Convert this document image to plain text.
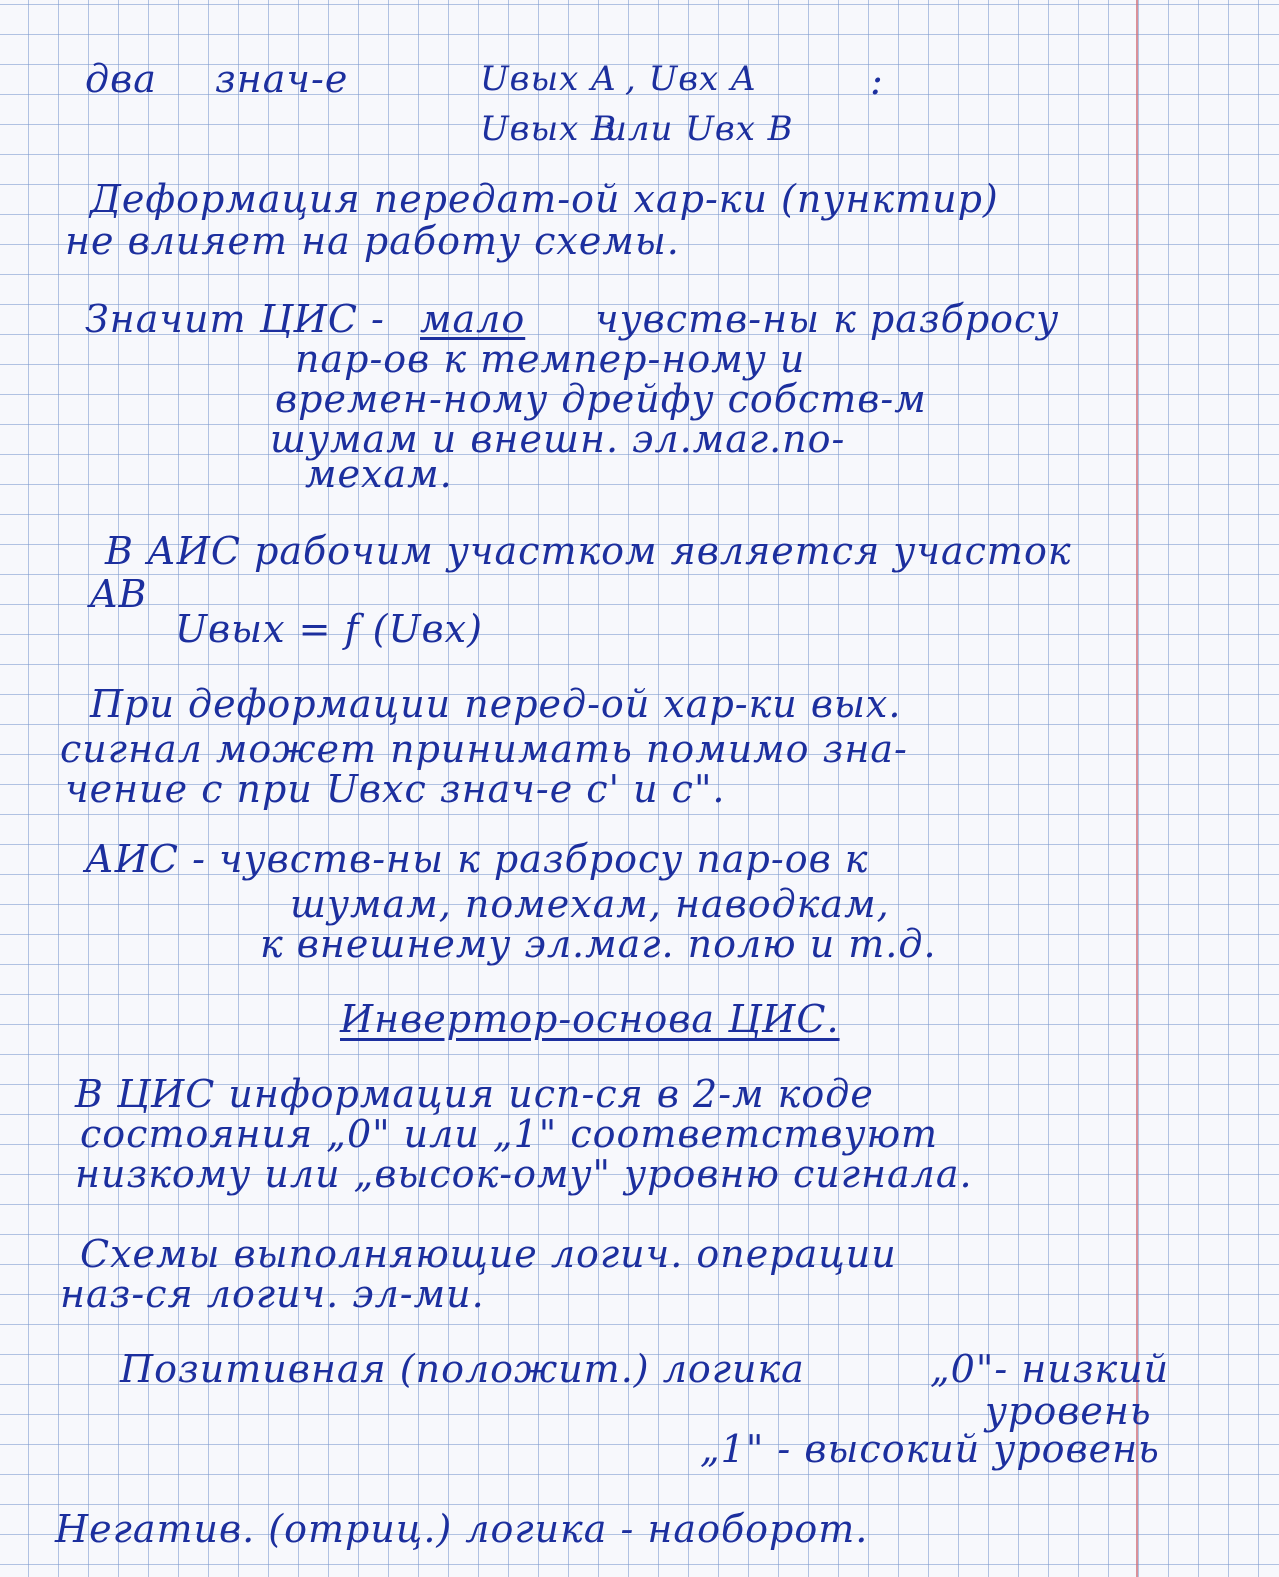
два знач-е	Uвых A , Uвх A	:
Uвых B
или Uвх B
Деформация передат-ой хар-ки (пунктир)
не влияет на работу схемы.
Значит ЦИС - мало чувств-ны к разбросу
пар-ов к темпер-ному и
времен-ному дрейфу собств-м
шумам и внешн. эл.маг.по-
мехам.
В АИС рабочим участком является участок
AB
Uвых = f (Uвх)
При деформации перед-ой хар-ки вых.
сигнал может принимать помимо зна-
чение с при Uвхс знач-е c' и c".
АИС - чувств-ны к разбросу пар-ов к
шумам, помехам, наводкам,
к внешнему эл.маг. полю и т.д.
Инвертор-основа ЦИС.
В ЦИС информация исп-ся в 2-м коде
состояния „0" или „1" соответствуют
низкому или „высок-ому" уровню сигнала.
Схемы выполняющие логич. операции
наз-ся логич. эл-ми.
Позитивная (положит.) логика	„0"- низкий
уровень
„1" - высокий уровень
Негатив. (отриц.) логика - наоборот.
